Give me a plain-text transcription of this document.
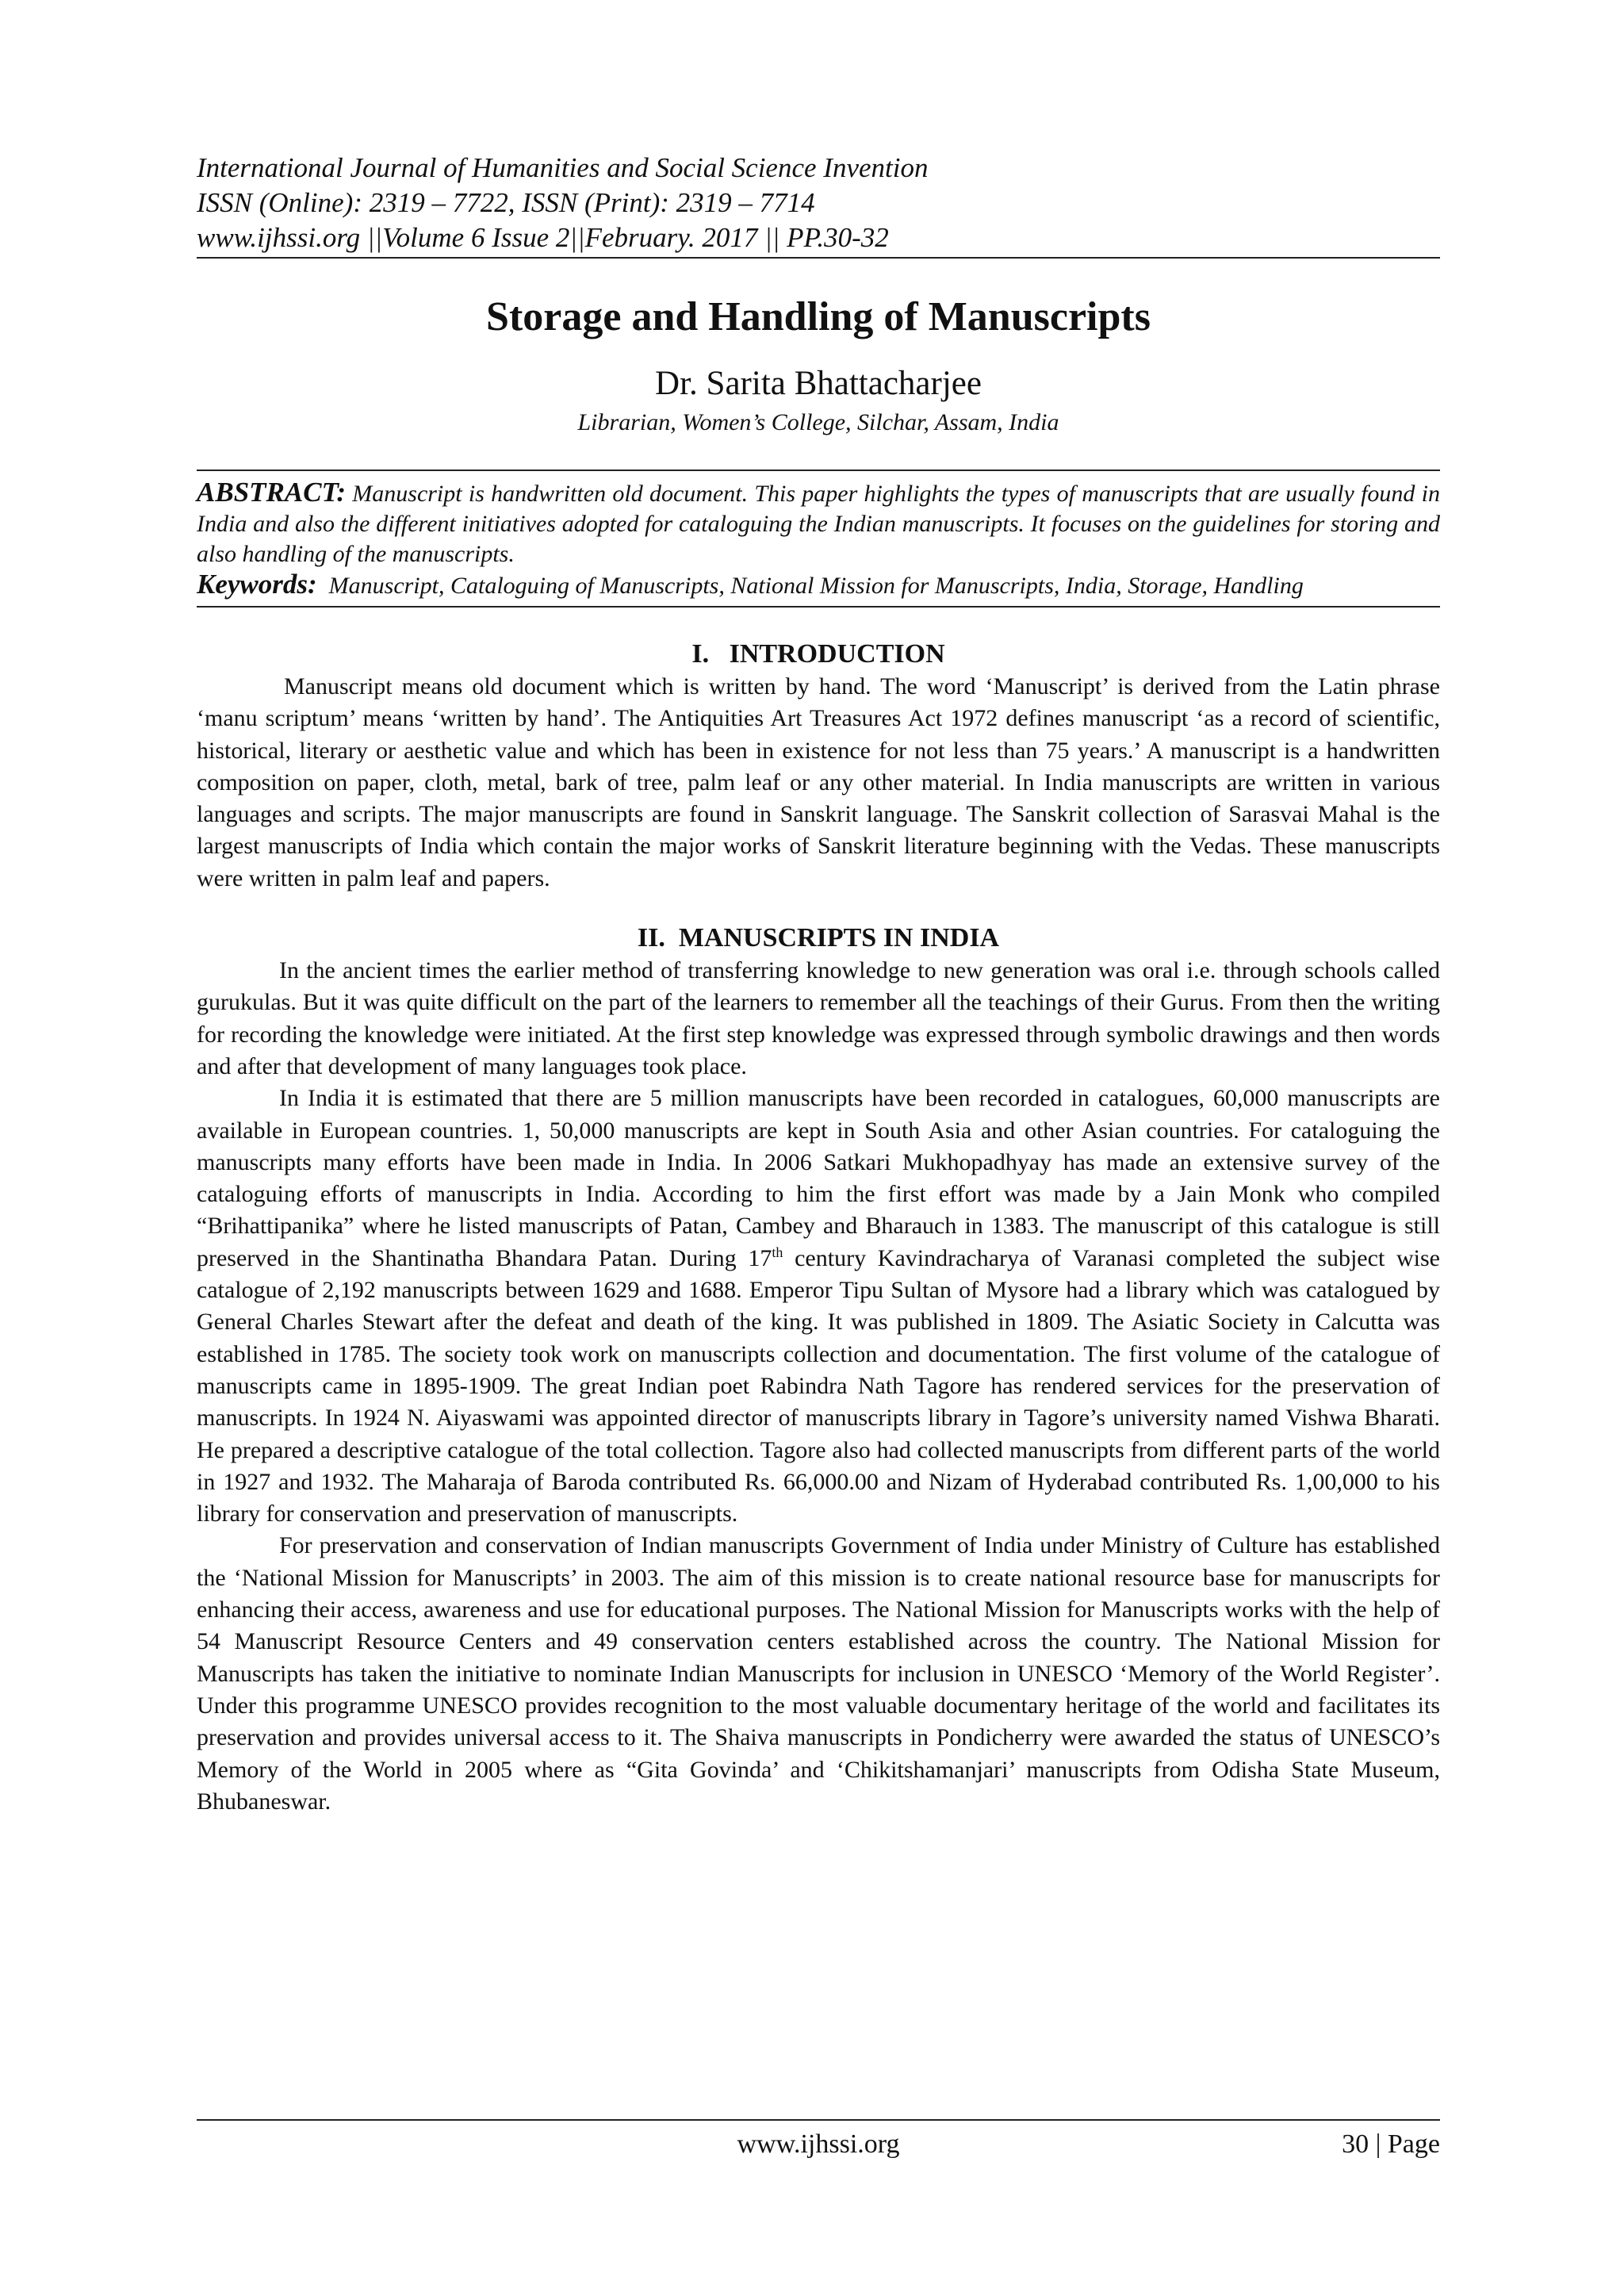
International Journal of Humanities and Social Science Invention
ISSN (Online): 2319 – 7722, ISSN (Print): 2319 – 7714
www.ijhssi.org ||Volume 6 Issue 2||February. 2017 || PP.30-32
Storage and Handling of Manuscripts
Dr. Sarita Bhattacharjee
Librarian, Women’s College, Silchar, Assam, India

ABSTRACT: Manuscript is handwritten old document. This paper highlights the types of manuscripts that are usually found in India and also the different initiatives adopted for cataloguing the Indian manuscripts. It focuses on the guidelines for storing and also handling of the manuscripts.

Keywords: Manuscript, Cataloguing of Manuscripts, National Mission for Manuscripts, India, Storage, Handling

I.   INTRODUCTION

Manuscript means old document which is written by hand. The word ‘Manuscript’ is derived from the Latin phrase ‘manu scriptum’ means ‘written by hand’. The Antiquities Art Treasures Act 1972 defines manuscript ‘as a record of scientific, historical, literary or aesthetic value and which has been in existence for not less than 75 years.’ A manuscript is a handwritten composition on paper, cloth, metal, bark of tree, palm leaf or any other material. In India manuscripts are written in various languages and scripts. The major manuscripts are found in Sanskrit language. The Sanskrit collection of Sarasvai Mahal is the largest manuscripts of India which contain the major works of Sanskrit literature beginning with the Vedas. These manuscripts were written in palm leaf and papers.

II.  MANUSCRIPTS IN INDIA

In the ancient times the earlier method of transferring knowledge to new generation was oral i.e. through schools called gurukulas. But it was quite difficult on the part of the learners to remember all the teachings of their Gurus. From then the writing for recording the knowledge were initiated. At the first step knowledge was expressed through symbolic drawings and then words and after that development of many languages took place.

In India it is estimated that there are 5 million manuscripts have been recorded in catalogues, 60,000 manuscripts are available in European countries. 1, 50,000 manuscripts are kept in South Asia and other Asian countries. For cataloguing the manuscripts many efforts have been made in India. In 2006 Satkari Mukhopadhyay has made an extensive survey of the cataloguing efforts of manuscripts in India. According to him the first effort was made by a Jain Monk who compiled “Brihattipanika” where he listed manuscripts of Patan, Cambey and Bharauch in 1383. The manuscript of this catalogue is still preserved in the Shantinatha Bhandara Patan. During 17th century Kavindracharya of Varanasi completed the subject wise catalogue of 2,192 manuscripts between 1629 and 1688. Emperor Tipu Sultan of Mysore had a library which was catalogued by General Charles Stewart after the defeat and death of the king. It was published in 1809. The Asiatic Society in Calcutta was established in 1785. The society took work on manuscripts collection and documentation. The first volume of the catalogue of manuscripts came in 1895-1909. The great Indian poet Rabindra Nath Tagore has rendered services for the preservation of manuscripts. In 1924 N. Aiyaswami was appointed director of manuscripts library in Tagore’s university named Vishwa Bharati. He prepared a descriptive catalogue of the total collection. Tagore also had collected manuscripts from different parts of the world in 1927 and 1932. The Maharaja of Baroda contributed Rs. 66,000.00 and Nizam of Hyderabad contributed Rs. 1,00,000 to his library for conservation and preservation of manuscripts.

For preservation and conservation of Indian manuscripts Government of India under Ministry of Culture has established the ‘National Mission for Manuscripts’ in 2003. The aim of this mission is to create national resource base for manuscripts for enhancing their access, awareness and use for educational purposes. The National Mission for Manuscripts works with the help of 54 Manuscript Resource Centers and 49 conservation centers established across the country. The National Mission for Manuscripts has taken the initiative to nominate Indian Manuscripts for inclusion in UNESCO ‘Memory of the World Register’. Under this programme UNESCO provides recognition to the most valuable documentary heritage of the world and facilitates its preservation and provides universal access to it. The Shaiva manuscripts in Pondicherry were awarded the status of UNESCO’s Memory of the World in 2005 where as “Gita Govinda’ and ‘Chikitshamanjari’ manuscripts from Odisha State Museum, Bhubaneswar.

www.ijhssi.org	30 | Page
